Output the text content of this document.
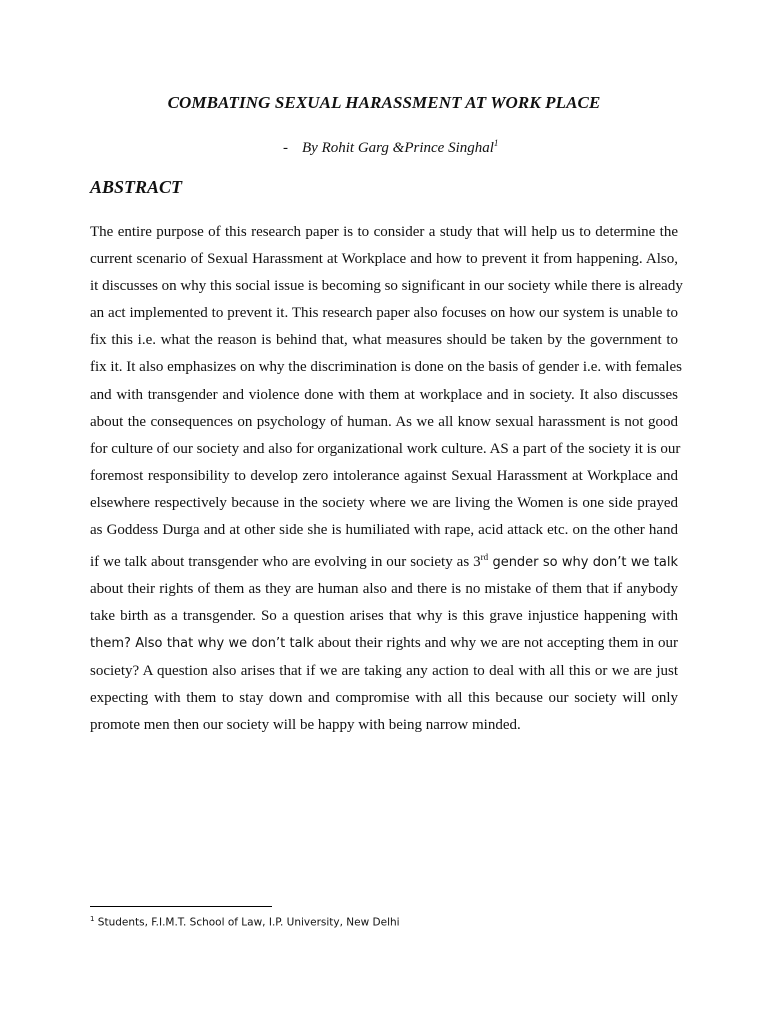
COMBATING SEXUAL HARASSMENT AT WORK PLACE
- By Rohit Garg &Prince Singhal$^1$
ABSTRACT
The entire purpose of this research paper is to consider a study that will help us to determine the
current scenario of Sexual Harassment at Workplace and how to prevent it from happening. Also,
it discusses on why this social issue is becoming so significant in our society while there is already
an act implemented to prevent it. This research paper also focuses on how our system is unable to
fix this i.e. what the reason is behind that, what measures should be taken by the government to
fix it. It also emphasizes on why the discrimination is done on the basis of gender i.e. with females
and with transgender and violence done with them at workplace and in society. It also discusses
about the consequences on psychology of human. As we all know sexual harassment is not good
for culture of our society and also for organizational work culture. AS a part of the society it is our
foremost responsibility to develop zero intolerance against Sexual Harassment at Workplace and
elsewhere respectively because in the society where we are living the Women is one side prayed
as Goddess Durga and at other side she is humiliated with rape, acid attack etc. on the other hand
if we talk about transgender who are evolving in our society as 3rd gender so why don’t we talk
about their rights of them as they are human also and there is no mistake of them that if anybody
take birth as a transgender. So a question arises that why is this grave injustice happening with
them? Also that why we don’t talk about their rights and why we are not accepting them in our
society? A question also arises that if we are taking any action to deal with all this or we are just
expecting with them to stay down and compromise with all this because our society will only
promote men then our society will be happy with being narrow minded.
$^1$ Students, F.I.M.T. School of Law, I.P. University, New Delhi
